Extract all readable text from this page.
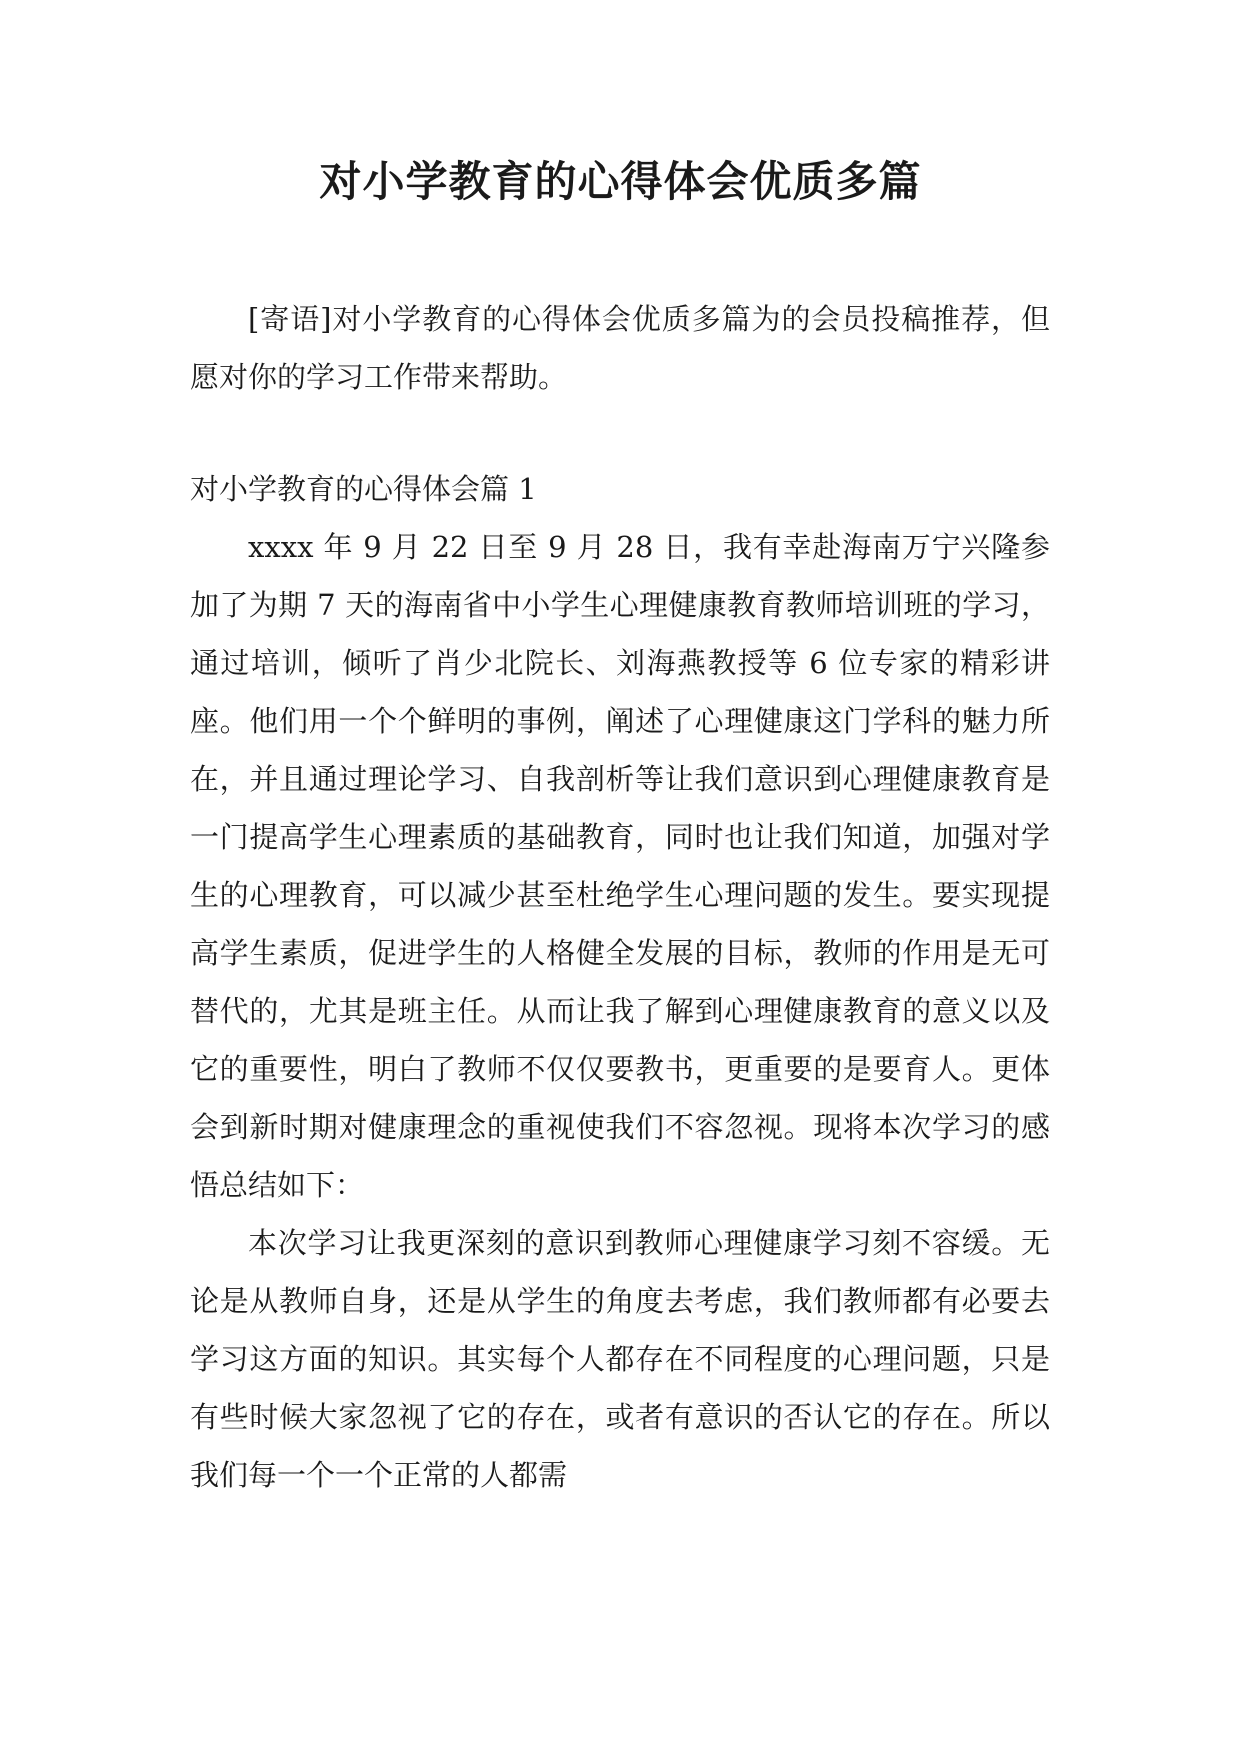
对小学教育的心得体会优质多篇

[寄语]对小学教育的心得体会优质多篇为的会员投稿推荐，但愿对你的学习工作带来帮助。

对小学教育的心得体会篇 1

xxxx 年 9 月 22 日至 9 月 28 日，我有幸赴海南万宁兴隆参加了为期 7 天的海南省中小学生心理健康教育教师培训班的学习，通过培训，倾听了肖少北院长、刘海燕教授等 6 位专家的精彩讲座。他们用一个个鲜明的事例，阐述了心理健康这门学科的魅力所在，并且通过理论学习、自我剖析等让我们意识到心理健康教育是一门提高学生心理素质的基础教育，同时也让我们知道，加强对学生的心理教育，可以减少甚至杜绝学生心理问题的发生。要实现提高学生素质，促进学生的人格健全发展的目标，教师的作用是无可替代的，尤其是班主任。从而让我了解到心理健康教育的意义以及它的重要性，明白了教师不仅仅要教书，更重要的是要育人。更体会到新时期对健康理念的重视使我们不容忽视。现将本次学习的感悟总结如下：

本次学习让我更深刻的意识到教师心理健康学习刻不容缓。无论是从教师自身，还是从学生的角度去考虑，我们教师都有必要去学习这方面的知识。其实每个人都存在不同程度的心理问题，只是有些时候大家忽视了它的存在，或者有意识的否认它的存在。所以我们每一个一个正常的人都需
